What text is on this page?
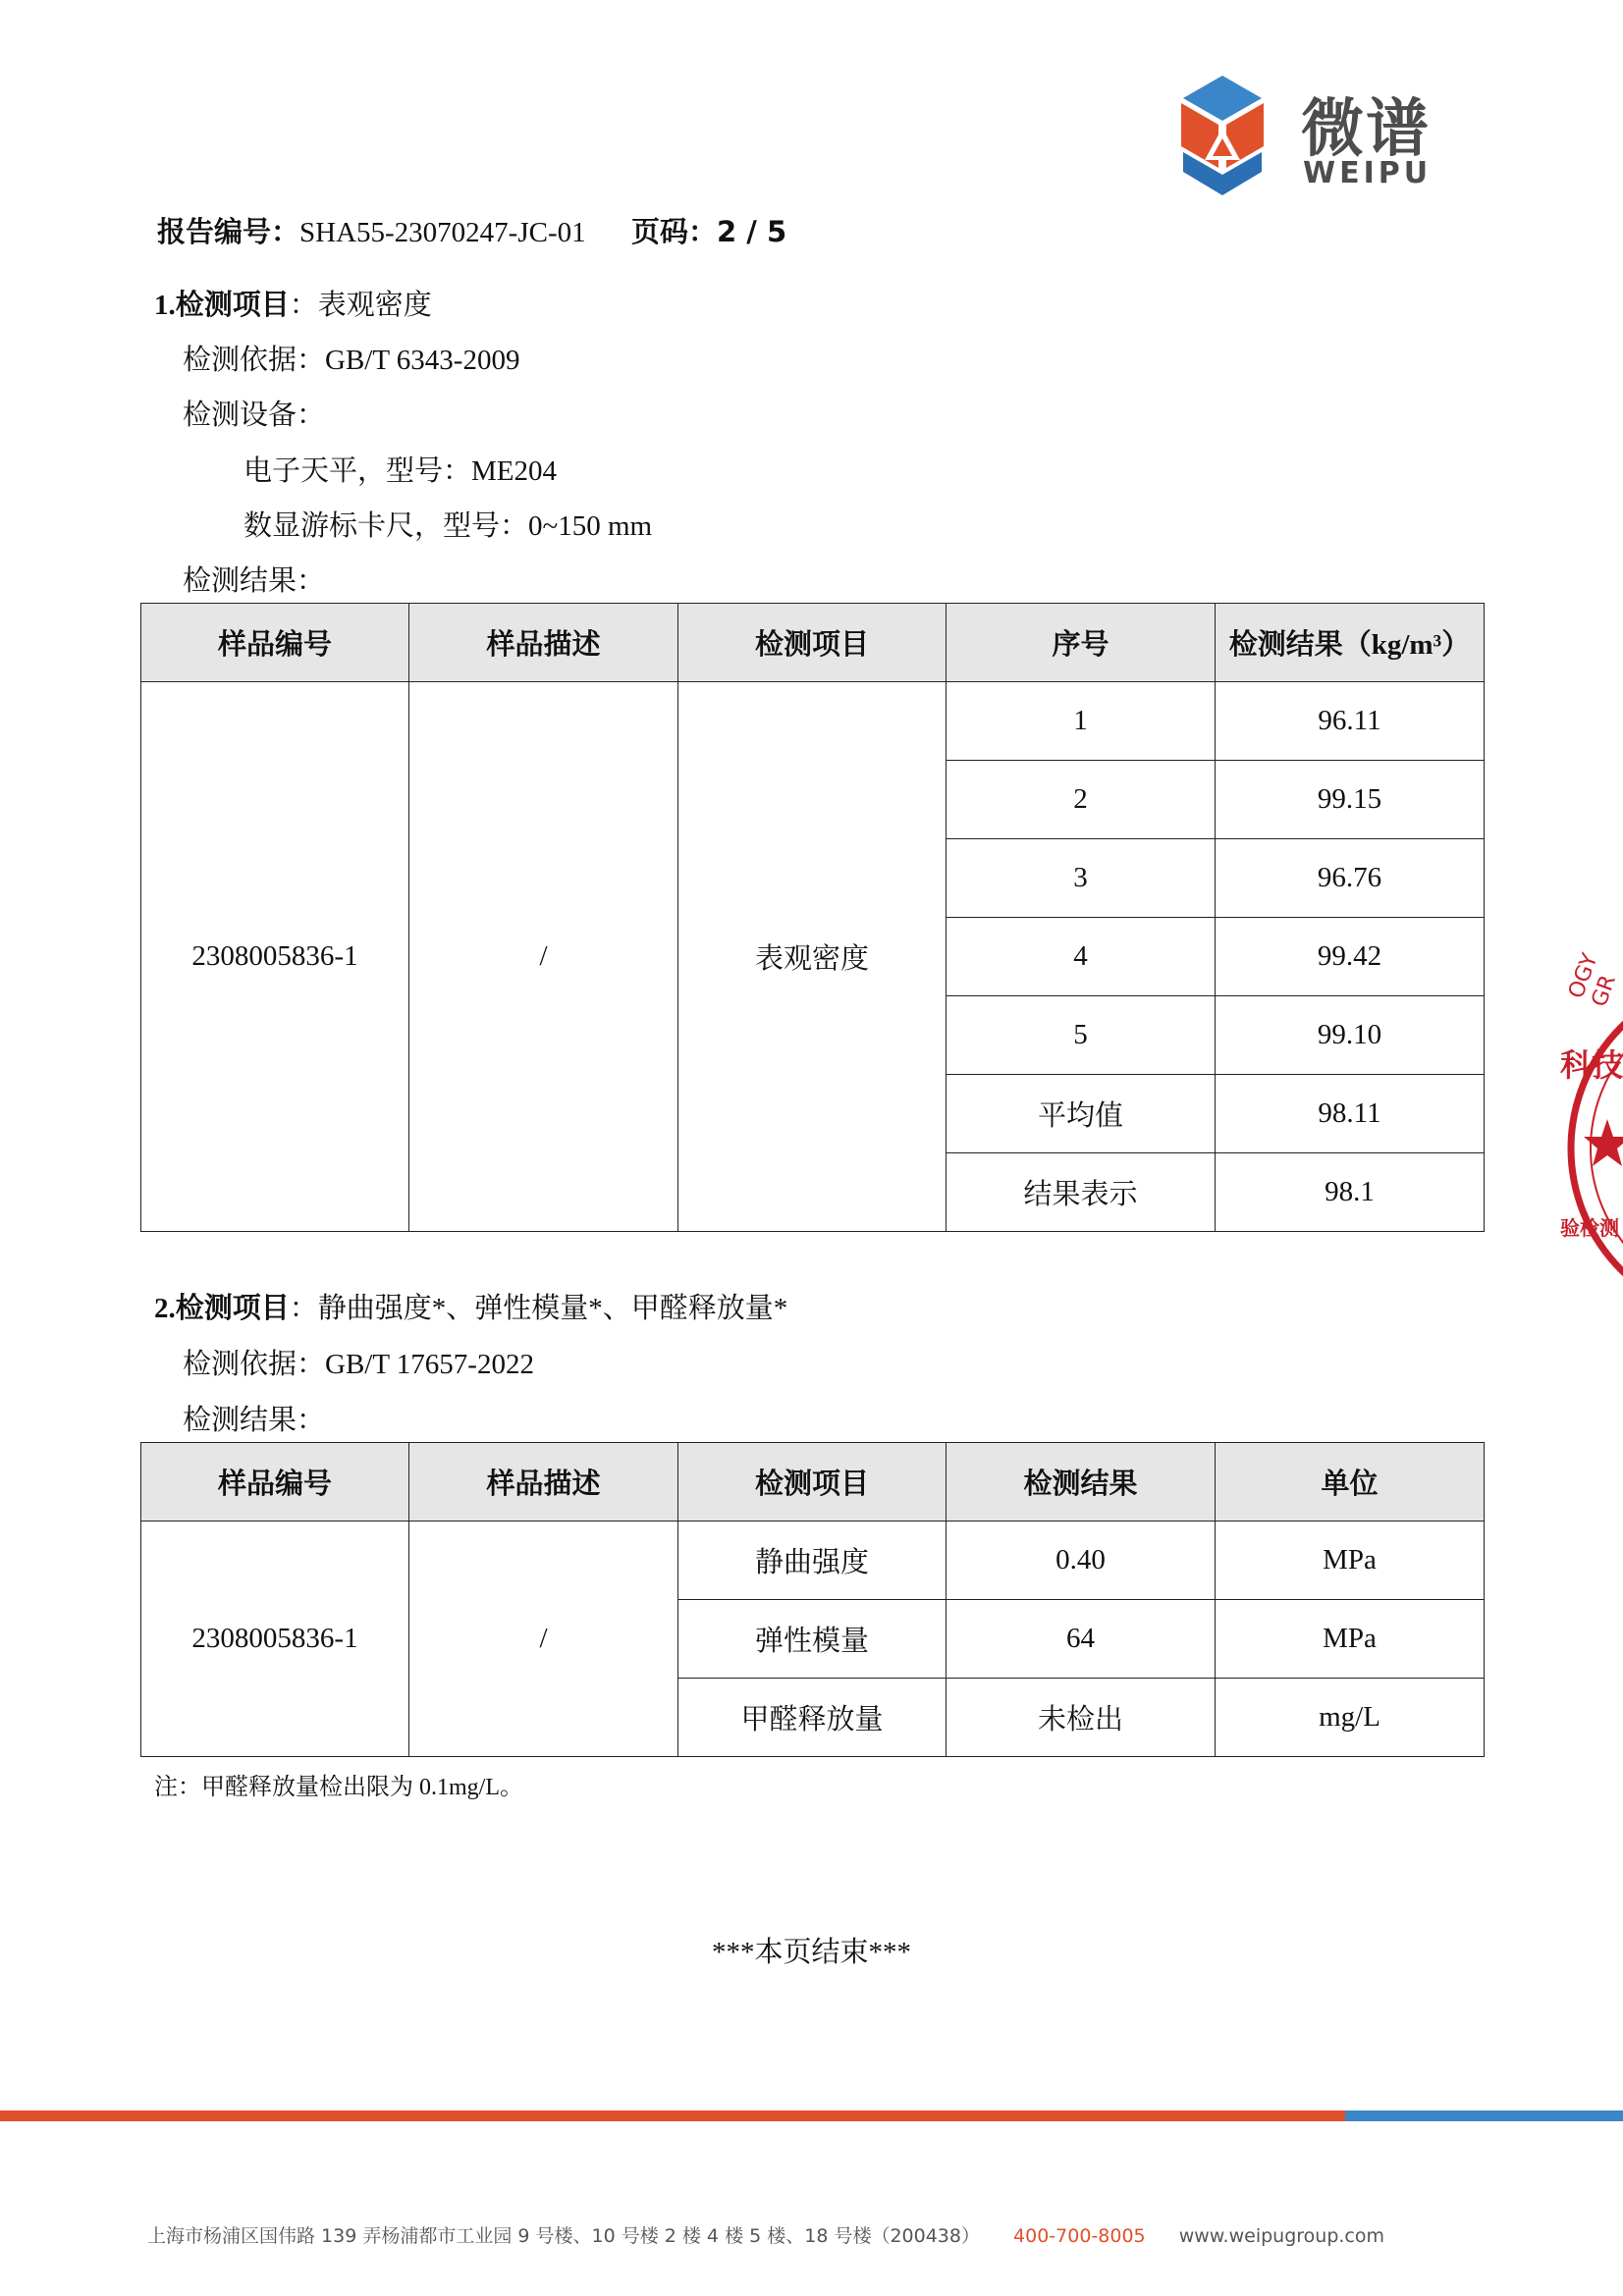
微谱
WEIPU
报告编号：SHA55-23070247-JC-01 页码：2 / 5
1.检测项目：表观密度
检测依据：GB/T 6343-2009
检测设备：
电子天平，型号：ME204
数显游标卡尺，型号：0~150 mm
检测结果：
样品编号	样品描述	检测项目	序号	检测结果（kg/m³）
2308005836-1	/	表观密度	1	96.11
			2	99.15
			3	96.76
			4	99.42
			5	99.10
			平均值	98.11
			结果表示	98.1
2.检测项目：静曲强度*、弹性模量*、甲醛释放量*
检测依据：GB/T 17657-2022
检测结果：
样品编号	样品描述	检测项目	检测结果	单位
2308005836-1	/	静曲强度	0.40	MPa
		弹性模量	64	MPa
		甲醛释放量	未检出	mg/L
注：甲醛释放量检出限为 0.1mg/L。
***本页结束***
OGY GR
科技
验检测
上海市杨浦区国伟路 139 弄杨浦都市工业园 9 号楼、10 号楼 2 楼 4 楼 5 楼、18 号楼（200438） 400-700-8005 www.weipugroup.com
